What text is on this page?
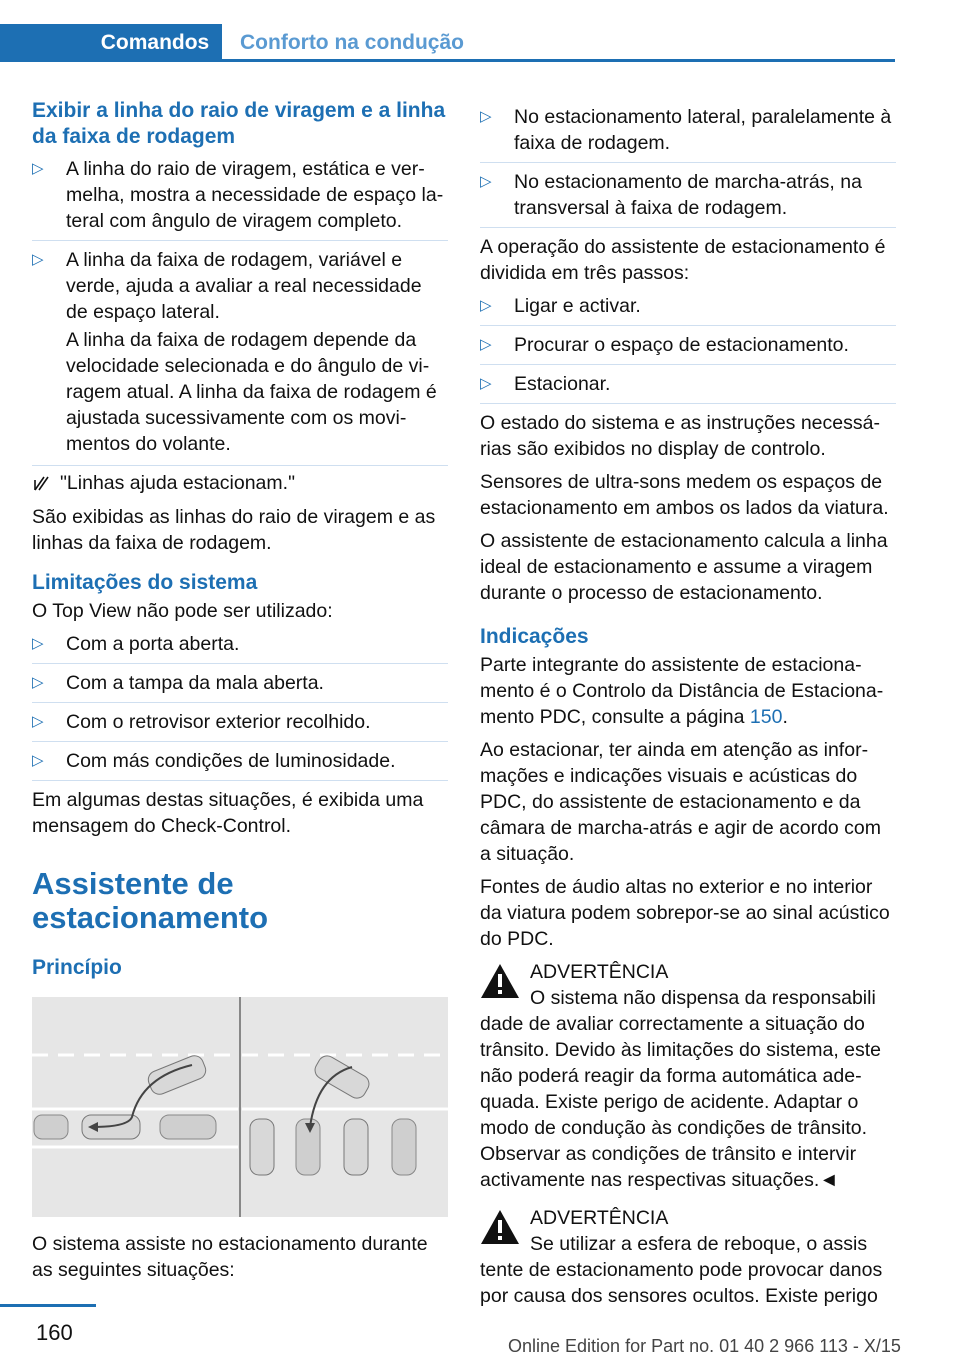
Comandos	Conforto na condução
Exibir a linha do raio de viragem e a linha da faixa de rodagem
▷ A linha do raio de viragem, estática e vermelha, mostra a necessidade de espaço lateral com ângulo de viragem completo.
▷ A linha da faixa de rodagem, variável e verde, ajuda a avaliar a real necessidade de espaço lateral.

A linha da faixa de rodagem depende da velocidade selecionada e do ângulo de viragem atual. A linha da faixa de rodagem é ajustada sucessivamente com os movimentos do volante.

"Linhas ajuda estacionam."

São exibidas as linhas do raio de viragem e as linhas da faixa de rodagem.

Limitações do sistema

O Top View não pode ser utilizado:

▷ Com a porta aberta.
▷ Com a tampa da mala aberta.
▷ Com o retrovisor exterior recolhido.
▷ Com más condições de luminosidade.

Em algumas destas situações, é exibida uma mensagem do Check-Control.

Assistente de estacionamento
Princípio

O sistema assiste no estacionamento durante as seguintes situações:

▷ No estacionamento lateral, paralelamente à faixa de rodagem.
▷ No estacionamento de marcha-atrás, na transversal à faixa de rodagem.

A operação do assistente de estacionamento é dividida em três passos:

▷ Ligar e activar.
▷ Procurar o espaço de estacionamento.
▷ Estacionar.

O estado do sistema e as instruções necessárias são exibidos no display de controlo.

Sensores de ultra-sons medem os espaços de estacionamento em ambos os lados da viatura.

O assistente de estacionamento calcula a linha ideal de estacionamento e assume a viragem durante o processo de estacionamento.

Indicações

Parte integrante do assistente de estacionamento é o Controlo da Distância de Estacionamento PDC, consulte a página 150.

Ao estacionar, ter ainda em atenção as informações e indicações visuais e acústicas do PDC, do assistente de estacionamento e da câmara de marcha-atrás e agir de acordo com a situação.

Fontes de áudio altas no exterior e no interior da viatura podem sobrepor-se ao sinal acústico do PDC.

ADVERTÊNCIA
O sistema não dispensa da responsabili
dade de avaliar correctamente a situação do trânsito. Devido às limitações do sistema, este não poderá reagir da forma automática adequada. Existe perigo de acidente. Adaptar o modo de condução às condições de trânsito. Observar as condições de trânsito e intervir activamente nas respectivas situações.◄
ADVERTÊNCIA
Se utilizar a esfera de reboque, o assis
tente de estacionamento pode provocar danos por causa dos sensores ocultos. Existe perigo
160
Online Edition for Part no. 01 40 2 966 113 - X/15
